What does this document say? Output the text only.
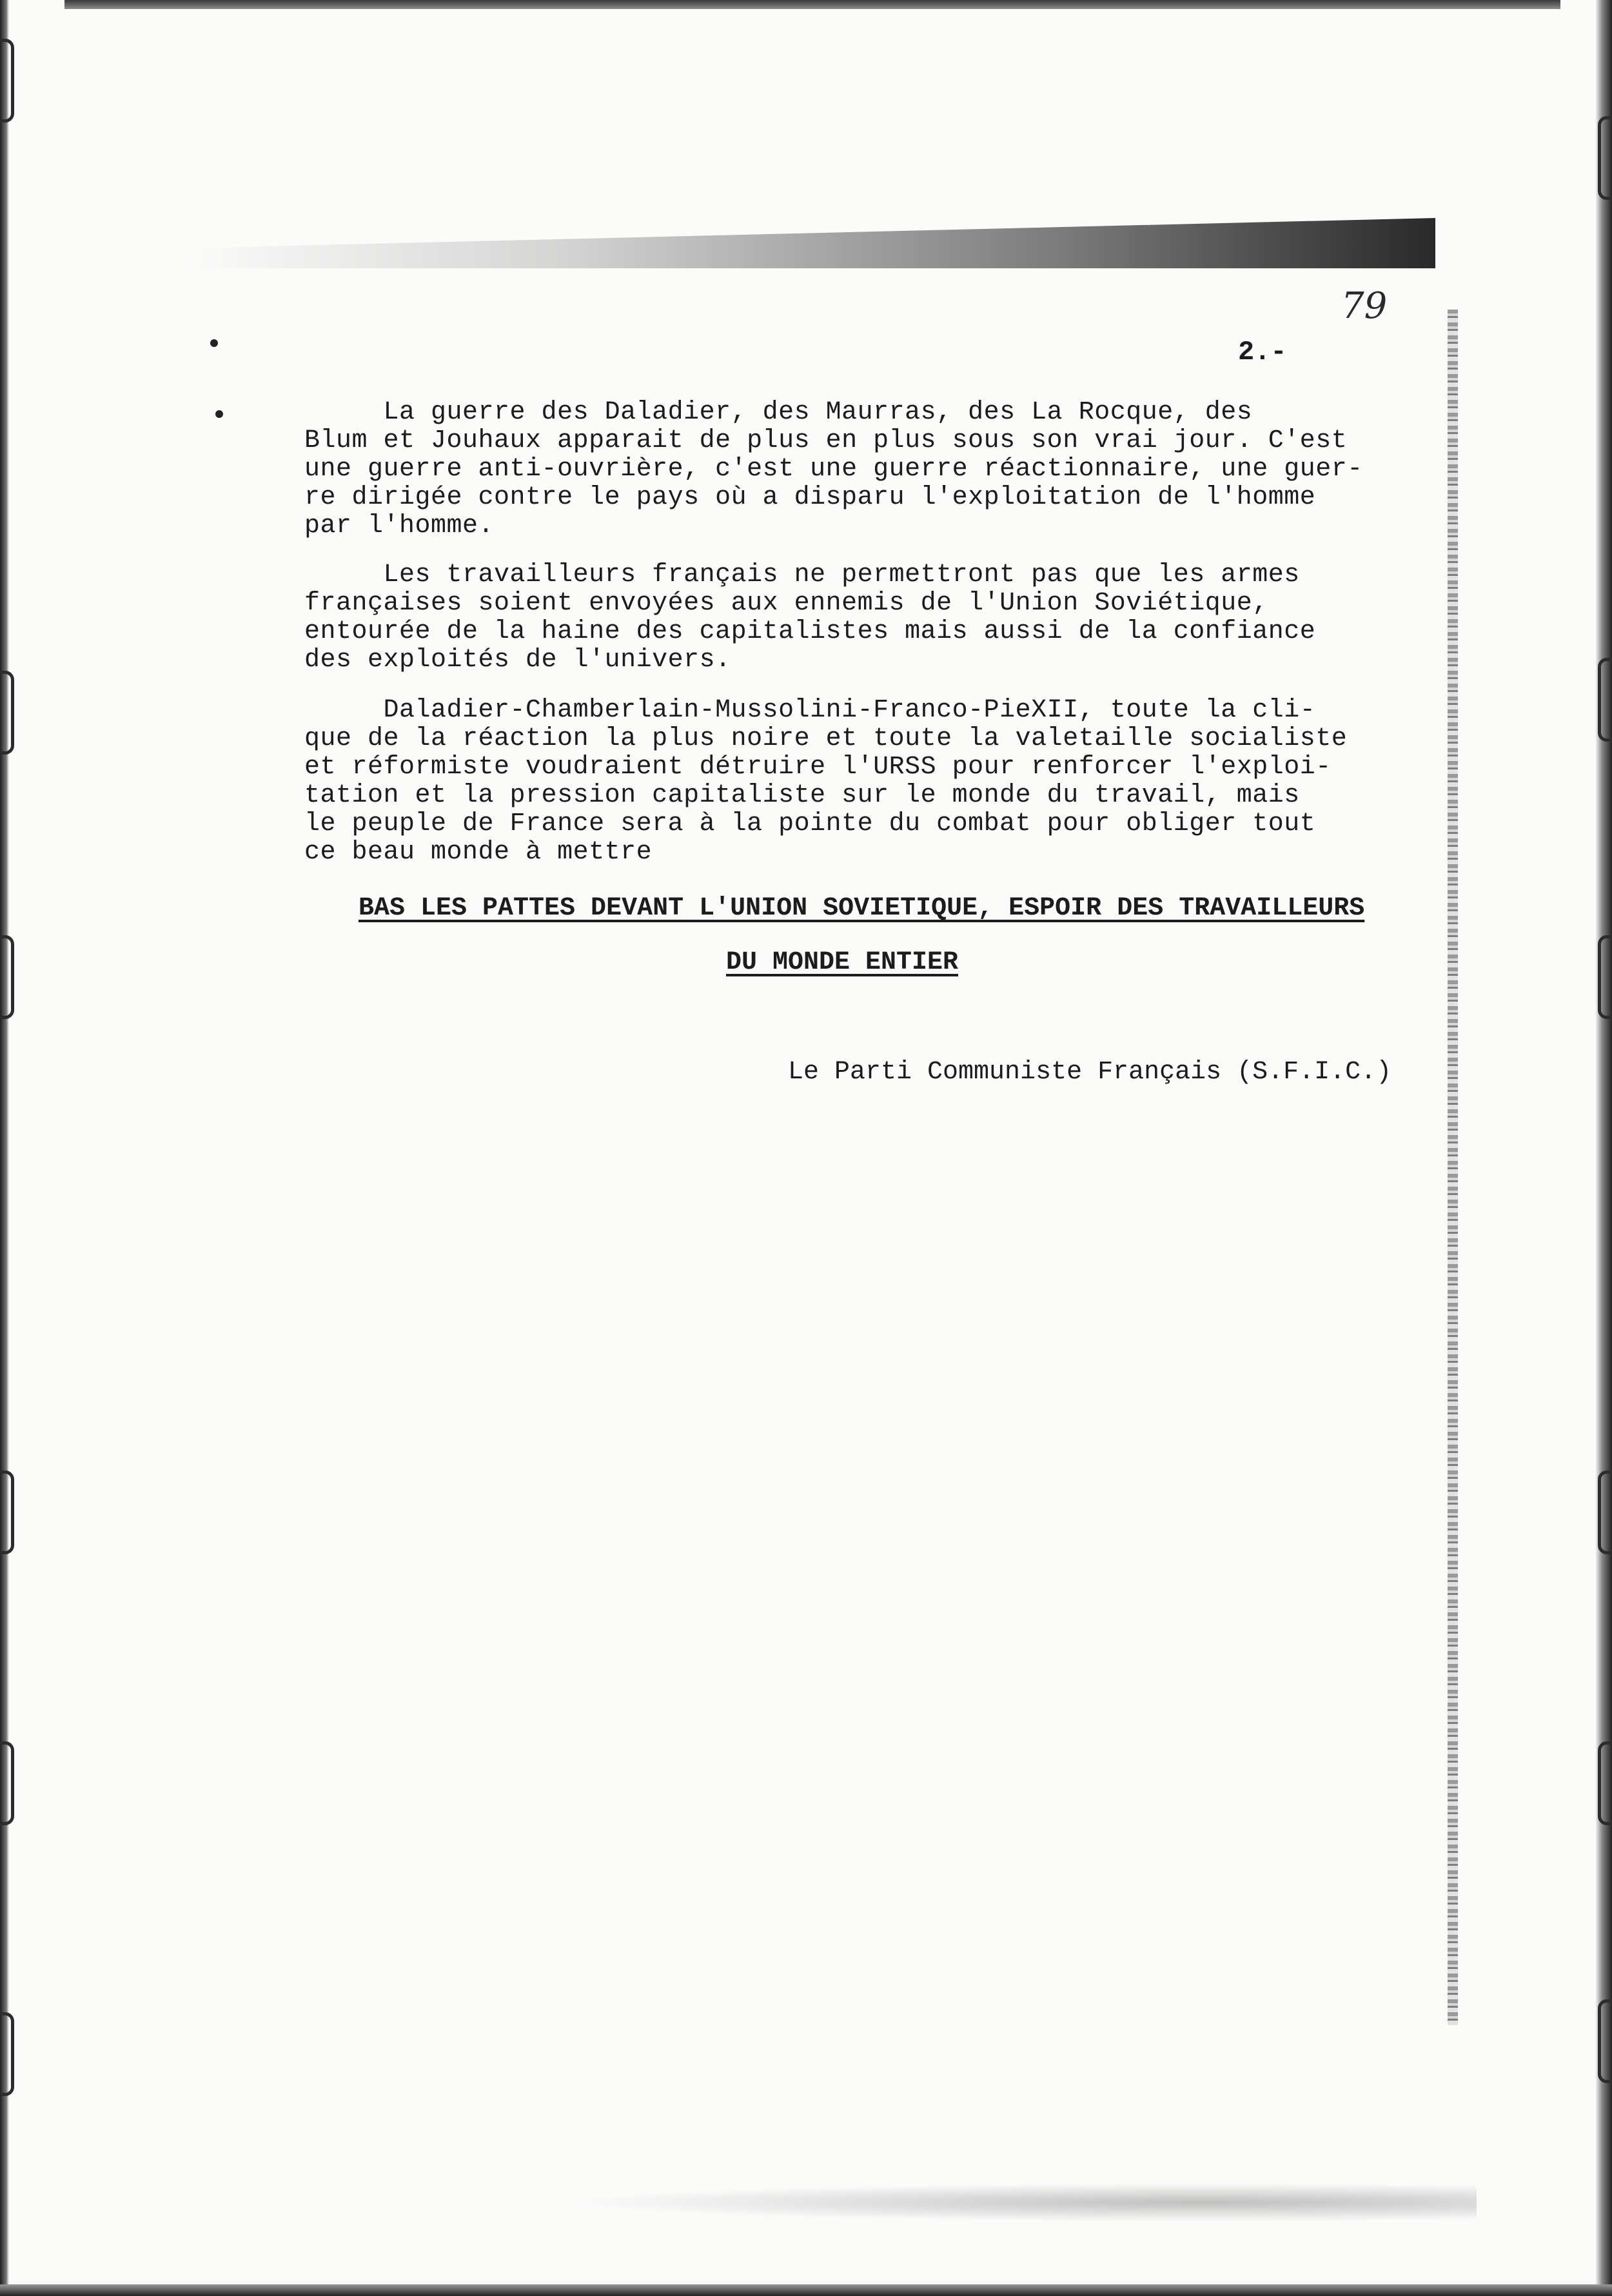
79
2.-

La guerre des Daladier, des Maurras, des La Rocque, des

Blum et Jouhaux apparait de plus en plus sous son vrai jour. C'est

une guerre anti-ouvrière, c'est une guerre réactionnaire, une guer-

re dirigée contre le pays où a disparu l'exploitation de l'homme

par l'homme.

Les travailleurs français ne permettront pas que les armes

françaises soient envoyées aux ennemis de l'Union Soviétique,

entourée de la haine des capitalistes mais aussi de la confiance

des exploités de l'univers.

Daladier-Chamberlain-Mussolini-Franco-PieXII, toute la cli-

que de la réaction la plus noire et toute la valetaille socialiste

et réformiste voudraient détruire l'URSS pour renforcer l'exploi-

tation et la pression capitaliste sur le monde du travail, mais

le peuple de France sera à la pointe du combat pour obliger tout

ce beau monde à mettre

BAS LES PATTES DEVANT L'UNION SOVIETIQUE, ESPOIR DES TRAVAILLEURS
DU MONDE ENTIER
Le Parti Communiste Français (S.F.I.C.)
